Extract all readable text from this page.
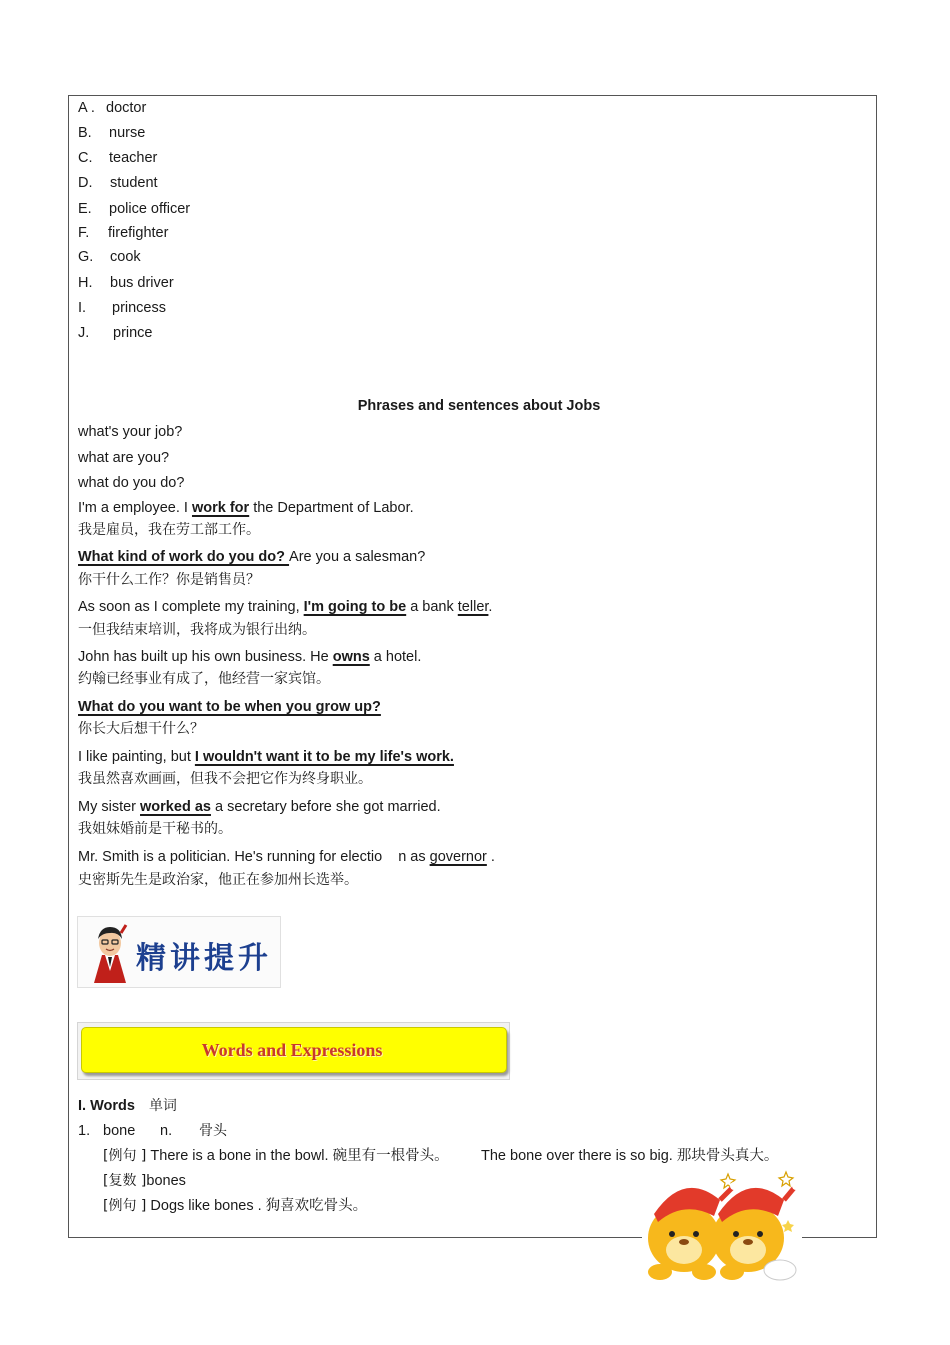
A . doctor
B. nurse
C. teacher
D. student
E. police officer
F. firefighter
G. cook
H. bus driver
I. princess
J. prince
Phrases and sentences about Jobs
what's your job?
what are you?
what do you do?
I'm a employee. I work for the Department of Labor.
我是雇员，我在劳工部工作。
What kind of work do you do? Are you a salesman?
你干什么工作？你是销售员？
As soon as I complete my training, I'm going to be a bank teller.
一但我结束培训，我将成为银行出纳。
John has built up his own business. He owns a hotel.
约翰已经事业有成了，他经营一家宾馆。
What do you want to be when you grow up?
你长大后想干什么？
I like painting, but I wouldn't want it to be my life's work.
我虽然喜欢画画，但我不会把它作为终身职业。
My sister worked as a secretary before she got married.
我姐妹婚前是干秘书的。
Mr. Smith is a politician. He's running for electio n as governor .
史密斯先生是政治家，他正在参加州长选举。
精讲提升
Words and Expressions
I. Words 单词
1. bone n. 骨头
[例句 ] There is a bone in the bowl. 碗里有一根骨头。 The bone over there is so big. 那块骨头真大。
[复数 ]bones
[例句 ] Dogs like bones . 狗喜欢吃骨头。
